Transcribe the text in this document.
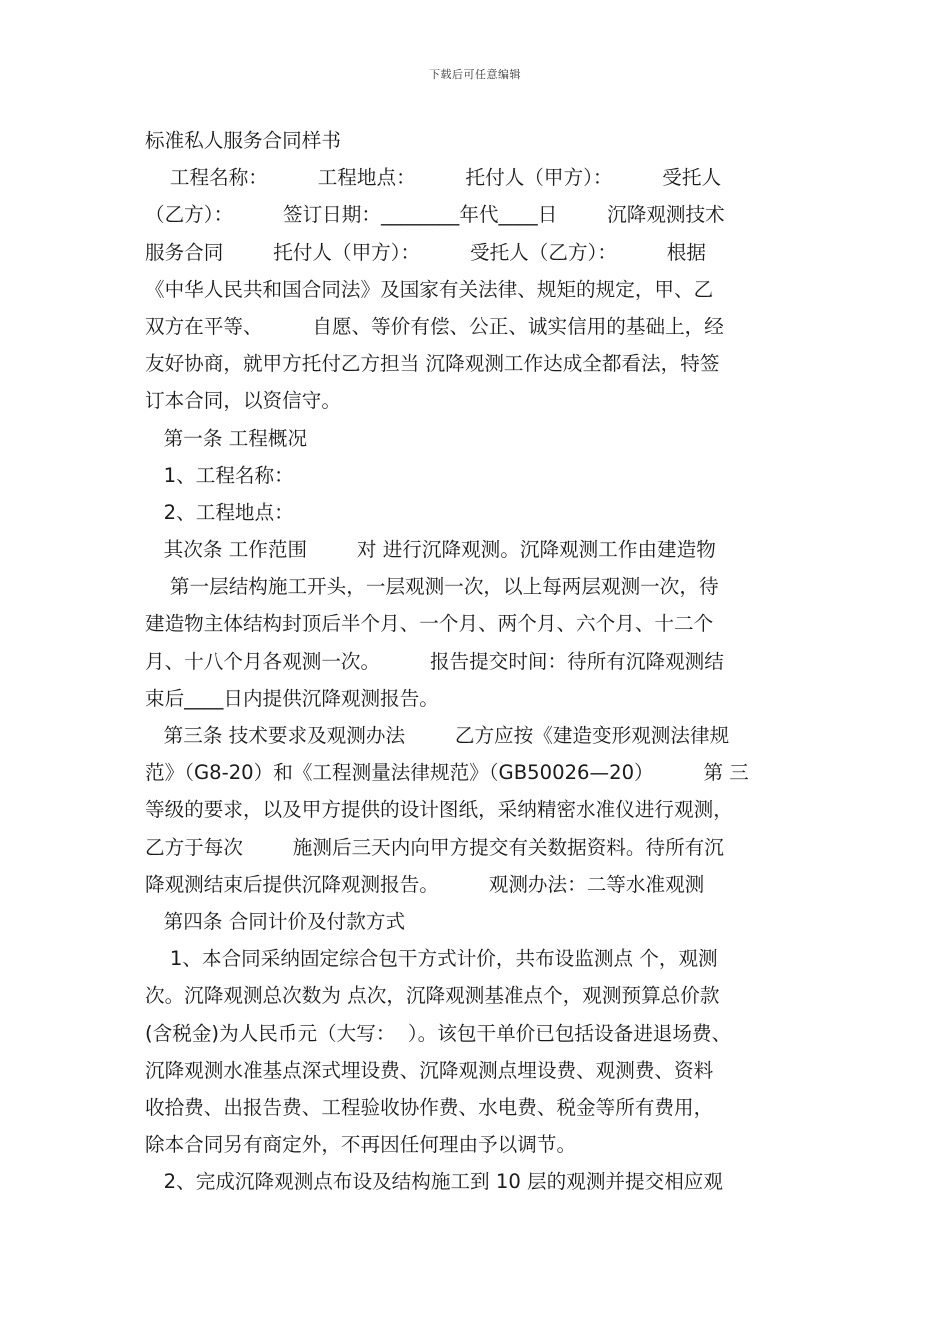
下载后可任意编辑
标准私人服务合同样书
工程名称：        工程地点：        托付人（甲方）：        受托人
（乙方）：        签订日期：________年代____日        沉降观测技术
服务合同        托付人（甲方）：        受托人（乙方）：        根据
《中华人民共和国合同法》及国家有关法律、规矩的规定，甲、乙
双方在平等、        自愿、等价有偿、公正、诚实信用的基础上，经
友好协商，就甲方托付乙方担当 沉降观测工作达成全都看法，特签
订本合同，以资信守。
第一条 工程概况
1、工程名称：
2、工程地点：
其次条 工作范围        对 进行沉降观测。沉降观测工作由建造物
第一层结构施工开头，一层观测一次，以上每两层观测一次，待
建造物主体结构封顶后半个月、一个月、两个月、六个月、十二个
月、十八个月各观测一次。        报告提交时间：待所有沉降观测结
束后____日内提供沉降观测报告。
第三条 技术要求及观测办法        乙方应按《建造变形观测法律规
范》（G8-20）和《工程测量法律规范》（GB50026—20）        第 三
等级的要求，以及甲方提供的设计图纸，采纳精密水准仪进行观测，
乙方于每次        施测后三天内向甲方提交有关数据资料。待所有沉
降观测结束后提供沉降观测报告。        观测办法：二等水准观测
第四条 合同计价及付款方式
1、本合同采纳固定综合包干方式计价，共布设监测点 个，观测
次。沉降观测总次数为 点次，沉降观测基准点个，观测预算总价款
(含税金)为人民币元（大写：  ）。该包干单价已包括设备进退场费、
沉降观测水准基点深式埋设费、沉降观测点埋设费、观测费、资料
收拾费、出报告费、工程验收协作费、水电费、税金等所有费用，
除本合同另有商定外，不再因任何理由予以调节。
2、完成沉降观测点布设及结构施工到 10 层的观测并提交相应观
